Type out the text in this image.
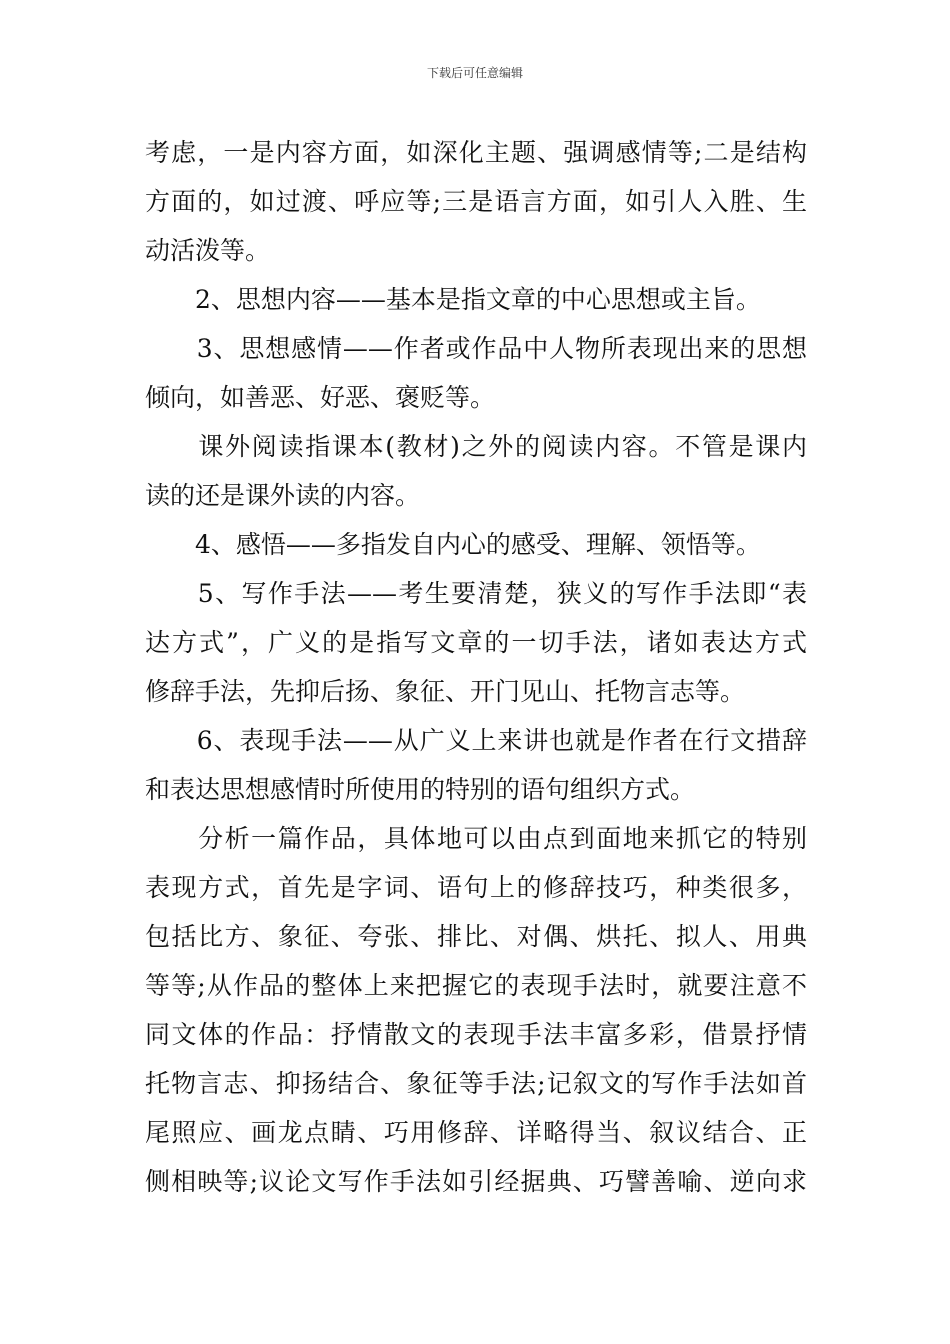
下载后可任意编辑
考虑，一是内容方面，如深化主题、强调感情等;二是结构
方面的，如过渡、呼应等;三是语言方面，如引人入胜、生
动活泼等。
　　2、思想内容——基本是指文章的中心思想或主旨。
　　3、思想感情——作者或作品中人物所表现出来的思想
倾向，如善恶、好恶、褒贬等。
　　课外阅读指课本(教材)之外的阅读内容。不管是课内
读的还是课外读的内容。
　　4、感悟——多指发自内心的感受、理解、领悟等。
　　5、写作手法——考生要清楚，狭义的写作手法即“表
达方式”，广义的是指写文章的一切手法，诸如表达方式
修辞手法，先抑后扬、象征、开门见山、托物言志等。
　　6、表现手法——从广义上来讲也就是作者在行文措辞
和表达思想感情时所使用的特别的语句组织方式。
　　分析一篇作品，具体地可以由点到面地来抓它的特别
表现方式，首先是字词、语句上的修辞技巧，种类很多，
包括比方、象征、夸张、排比、对偶、烘托、拟人、用典
等等;从作品的整体上来把握它的表现手法时，就要注意不
同文体的作品：抒情散文的表现手法丰富多彩，借景抒情
托物言志、抑扬结合、象征等手法;记叙文的写作手法如首
尾照应、画龙点睛、巧用修辞、详略得当、叙议结合、正
侧相映等;议论文写作手法如引经据典、巧譬善喻、逆向求
